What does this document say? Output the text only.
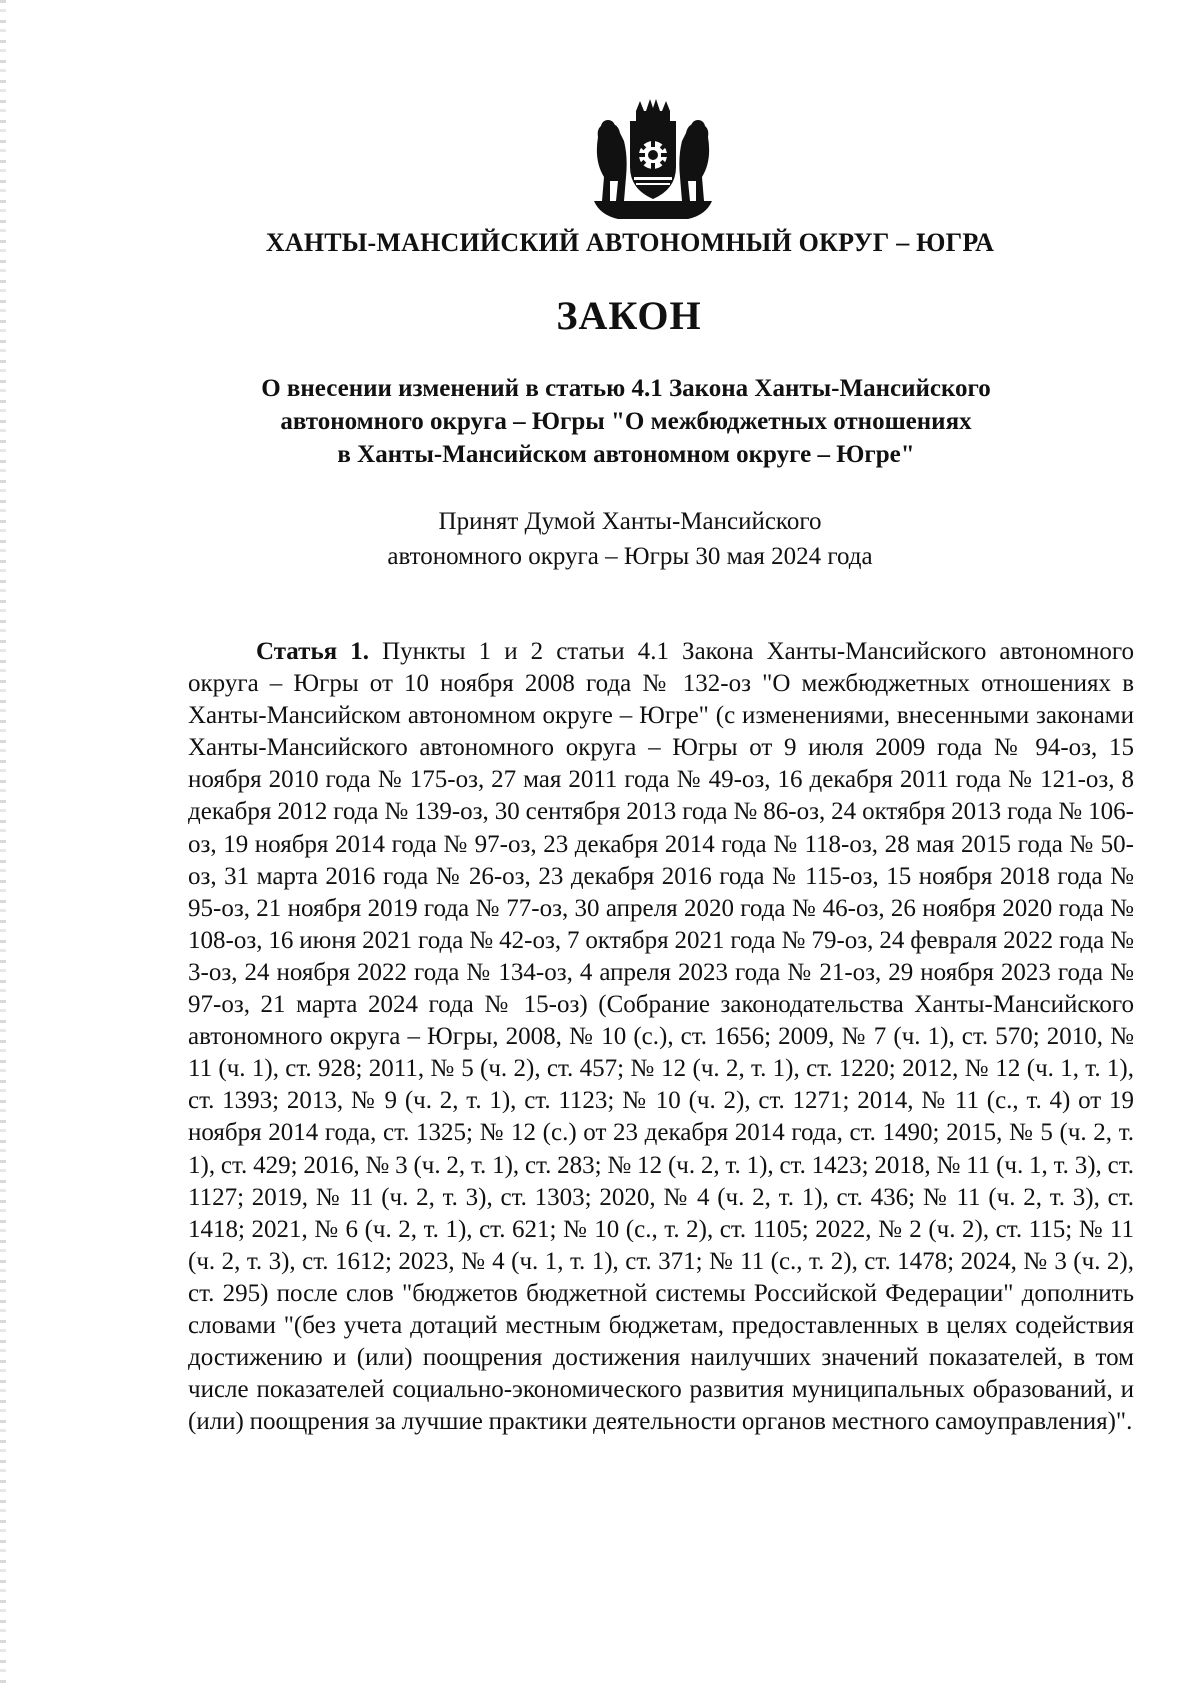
ХАНТЫ-МАНСИЙСКИЙ АВТОНОМНЫЙ ОКРУГ – ЮГРА
ЗАКОН
О внесении изменений в статью 4.1 Закона Ханты-Мансийского
автономного округа – Югры "О межбюджетных отношениях
в Ханты-Мансийском автономном округе – Югре"
Принят Думой Ханты-Мансийского
автономного округа – Югры 30 мая 2024 года
Статья 1. Пункты 1 и 2 статьи 4.1 Закона Ханты-Мансийского автономного округа – Югры от 10 ноября 2008 года № 132-оз "О межбюджетных отношениях в Ханты-Мансийском автономном округе – Югре" (с изменениями, внесенными законами Ханты-Мансийского автономного округа – Югры от 9 июля 2009 года № 94-оз, 15 ноября 2010 года № 175-оз, 27 мая 2011 года № 49-оз, 16 декабря 2011 года № 121-оз, 8 декабря 2012 года № 139-оз, 30 сентября 2013 года № 86-оз, 24 октября 2013 года № 106-оз, 19 ноября 2014 года № 97-оз, 23 декабря 2014 года № 118-оз, 28 мая 2015 года № 50-оз, 31 марта 2016 года № 26-оз, 23 декабря 2016 года № 115-оз, 15 ноября 2018 года № 95-оз, 21 ноября 2019 года № 77-оз, 30 апреля 2020 года № 46-оз, 26 ноября 2020 года № 108-оз, 16 июня 2021 года № 42-оз, 7 октября 2021 года № 79-оз, 24 февраля 2022 года № 3-оз, 24 ноября 2022 года № 134-оз, 4 апреля 2023 года № 21-оз, 29 ноября 2023 года № 97-оз, 21 марта 2024 года № 15-оз) (Собрание законодательства Ханты-Мансийского автономного округа – Югры, 2008, № 10 (с.), ст. 1656; 2009, № 7 (ч. 1), ст. 570; 2010, № 11 (ч. 1), ст. 928; 2011, № 5 (ч. 2), ст. 457; № 12 (ч. 2, т. 1), ст. 1220; 2012, № 12 (ч. 1, т. 1), ст. 1393; 2013, № 9 (ч. 2, т. 1), ст. 1123; № 10 (ч. 2), ст. 1271; 2014, № 11 (с., т. 4) от 19 ноября 2014 года, ст. 1325; № 12 (с.) от 23 декабря 2014 года, ст. 1490; 2015, № 5 (ч. 2, т. 1), ст. 429; 2016, № 3 (ч. 2, т. 1), ст. 283; № 12 (ч. 2, т. 1), ст. 1423; 2018, № 11 (ч. 1, т. 3), ст. 1127; 2019, № 11 (ч. 2, т. 3), ст. 1303; 2020, № 4 (ч. 2, т. 1), ст. 436; № 11 (ч. 2, т. 3), ст. 1418; 2021, № 6 (ч. 2, т. 1), ст. 621; № 10 (с., т. 2), ст. 1105; 2022, № 2 (ч. 2), ст. 115; № 11 (ч. 2, т. 3), ст. 1612; 2023, № 4 (ч. 1, т. 1), ст. 371; № 11 (с., т. 2), ст. 1478; 2024, № 3 (ч. 2), ст. 295) после слов "бюджетов бюджетной системы Российской Федерации" дополнить словами "(без учета дотаций местным бюджетам, предоставленных в целях содействия достижению и (или) поощрения достижения наилучших значений показателей, в том числе показателей социально-экономического развития муниципальных образований, и (или) поощрения за лучшие практики деятельности органов местного самоуправления)".
